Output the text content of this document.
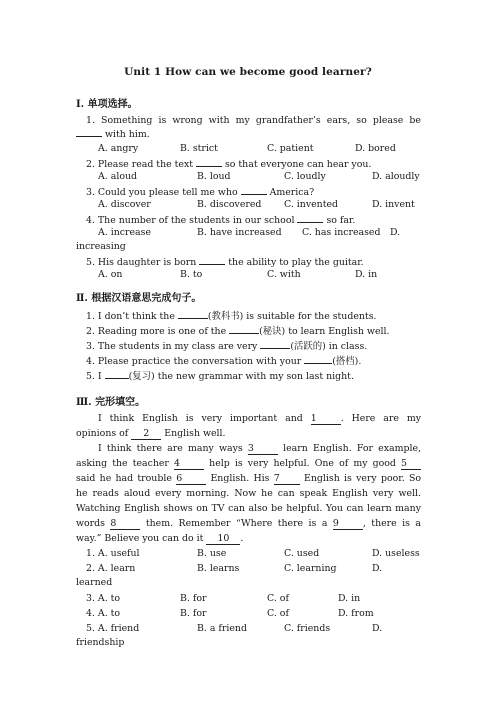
Unit 1 How can we become good learner?
Ⅰ. 单项选择。
1. Something is wrong with my grandfather’s ears, so please be
with him.
A. angry	B. strict	C. patient	D. bored
2. Please read the text	so that everyone can hear you.
A. aloud	B. loud	C. loudly	D. aloudly
3. Could you please tell me who	America?
A. discover	B. discovered C. invented	D. invent
4. The number of the students in our school	so far.
A. increase	B. have increased C. has increased D.
increasing
5. His daughter is born	the ability to play the guitar.
A. on	B. to	C. with	D. in
Ⅱ. 根据汉语意思完成句子。
1. I don’t think the	(教科书) is suitable for the students.
2. Reading more is one of the	(秘诀) to learn English well.
3. The students in my class are very	(活跃的) in class.
4. Please practice the conversation with your	(搭档).
5. I	(复习) the new grammar with my son last night.
Ⅲ. 完形填空。
I think English is very important and 1	. Here are my
opinions of 2 English well.
I think there are many ways 3	learn English. For example,
asking the teacher 4	help is very helpful. One of my good 5
said he had trouble 6	English. His 7	English is very poor. So
he reads aloud every morning. Now he can speak English very well.
Watching English shows on TV can also be helpful. You can learn many
words 8	them. Remember “Where there is a 9	, there is a
way.” Believe you can do it 10 .
1. A. useful	B. use	C. used	D. useless
2. A. learn	B. learns	C. learning	D.
learned
3. A. to	B. for	C. of	D. in
4. A. to	B. for	C. of	D. from
5. A. friend	B. a friend	C. friends	D.
friendship
